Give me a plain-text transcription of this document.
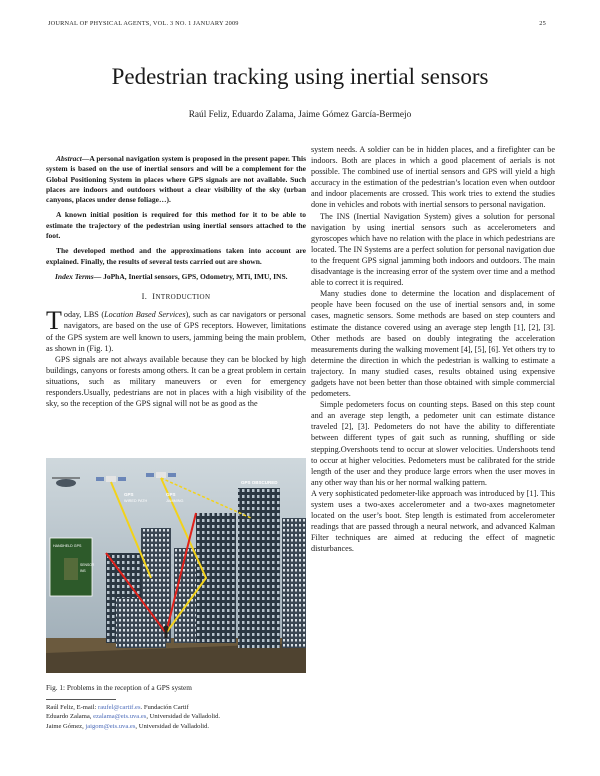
JOURNAL OF PHYSICAL AGENTS, VOL. 3 NO. 1 JANUARY 2009	25
Pedestrian tracking using inertial sensors
Raúl Feliz, Eduardo Zalama, Jaime Gómez García-Bermejo

Abstract—A personal navigation system is proposed in the present paper. This system is based on the use of inertial sensors and will be a complement for the Global Positioning System in places where GPS signals are not available. Such places are indoors and outdoors without a clear visibility of the sky (urban canyons, places under dense foliage…).

A known initial position is required for this method for it to be able to estimate the trajectory of the pedestrian using inertial sensors attached to the foot.

The developed method and the approximations taken into account are explained. Finally, the results of several tests carried out are shown.

Index Terms— JoPhA, Inertial sensors, GPS, Odometry, MTi, IMU, INS.

I. INTRODUCTION

Today, LBS (Location Based Services), such as car navigators or personal navigators, are based on the use of GPS receptors. However, limitations of the GPS system are well known to users, jamming being the main problem, as shown in (Fig. 1).

GPS signals are not always available because they can be blocked by high buildings, canyons or forests among others. It can be a great problem in certain situations, such as military maneuvers or even for emergency responders.Usually, pedestrians are not in places with a high visibility of the sky, so the reception of the GPS signal will not be as good as the

GPS
WIRED PATH
GPS
JAMMING
GPS OBSCURED
HANDHELD GPS
SENSOR
INS
Fig. 1: Problems in the reception of a GPS system
Raúl Feliz, E-mail: raufel@cartif.es. Fundación Cartif
Eduardo Zalama, ezalama@eis.uva.es, Universidad de Valladolid.
Jaime Gómez, jaigom@eis.uva.es, Universidad de Valladolid.

system needs. A soldier can be in hidden places, and a firefighter can be indoors. Both are places in which a good placement of aerials is not possible. The combined use of inertial sensors and GPS will yield a high accuracy in the estimation of the pedestrian’s location even when outdoor and indoor placements are crossed. This work tries to extend the studies done in vehicles and robots with inertial sensors to personal navigation.

The INS (Inertial Navigation System) gives a solution for personal navigation by using inertial sensors such as accelerometers and gyroscopes which have no relation with the place in which pedestrians are located. The IN Systems are a perfect solution for personal navigation due to the frequent GPS signal jamming both indoors and outdoors. The main disadvantage is the increasing error of the system over time and a method able to correct it is required.

Many studies done to determine the location and displacement of people have been focused on the use of inertial sensors and, in some cases, magnetic sensors. Some methods are based on step counters and estimate the distance covered using an average step length [1], [2], [3]. Other methods are based on doubly integrating the acceleration measurements during the walking movement [4], [5], [6]. Yet others try to determine the direction in which the pedestrian is walking to estimate a trajectory. In many studied cases, results obtained using expensive gadgets have not been better than those obtained with simple commercial pedometers.

Simple pedometers focus on counting steps. Based on this step count and an average step length, a pedometer unit can estimate distance traveled [2], [3]. Pedometers do not have the ability to differentiate between different types of gait such as running, shuffling or side stepping.Overshoots tend to occur at slower velocities. Undershoots tend to occur at higher velocities. Pedometers must be calibrated for the stride length of the user and they produce large errors when the user moves in any other way than his or her normal walking pattern.

A very sophisticated pedometer-like approach was introduced by [1]. This system uses a two-axes accelerometer and a two-axes magnetometer located on the user’s boot. Step length is estimated from accelerometer readings that are passed through a neural network, and advanced Kalman Filter techniques are aimed at reducing the effect of magnetic disturbances.
